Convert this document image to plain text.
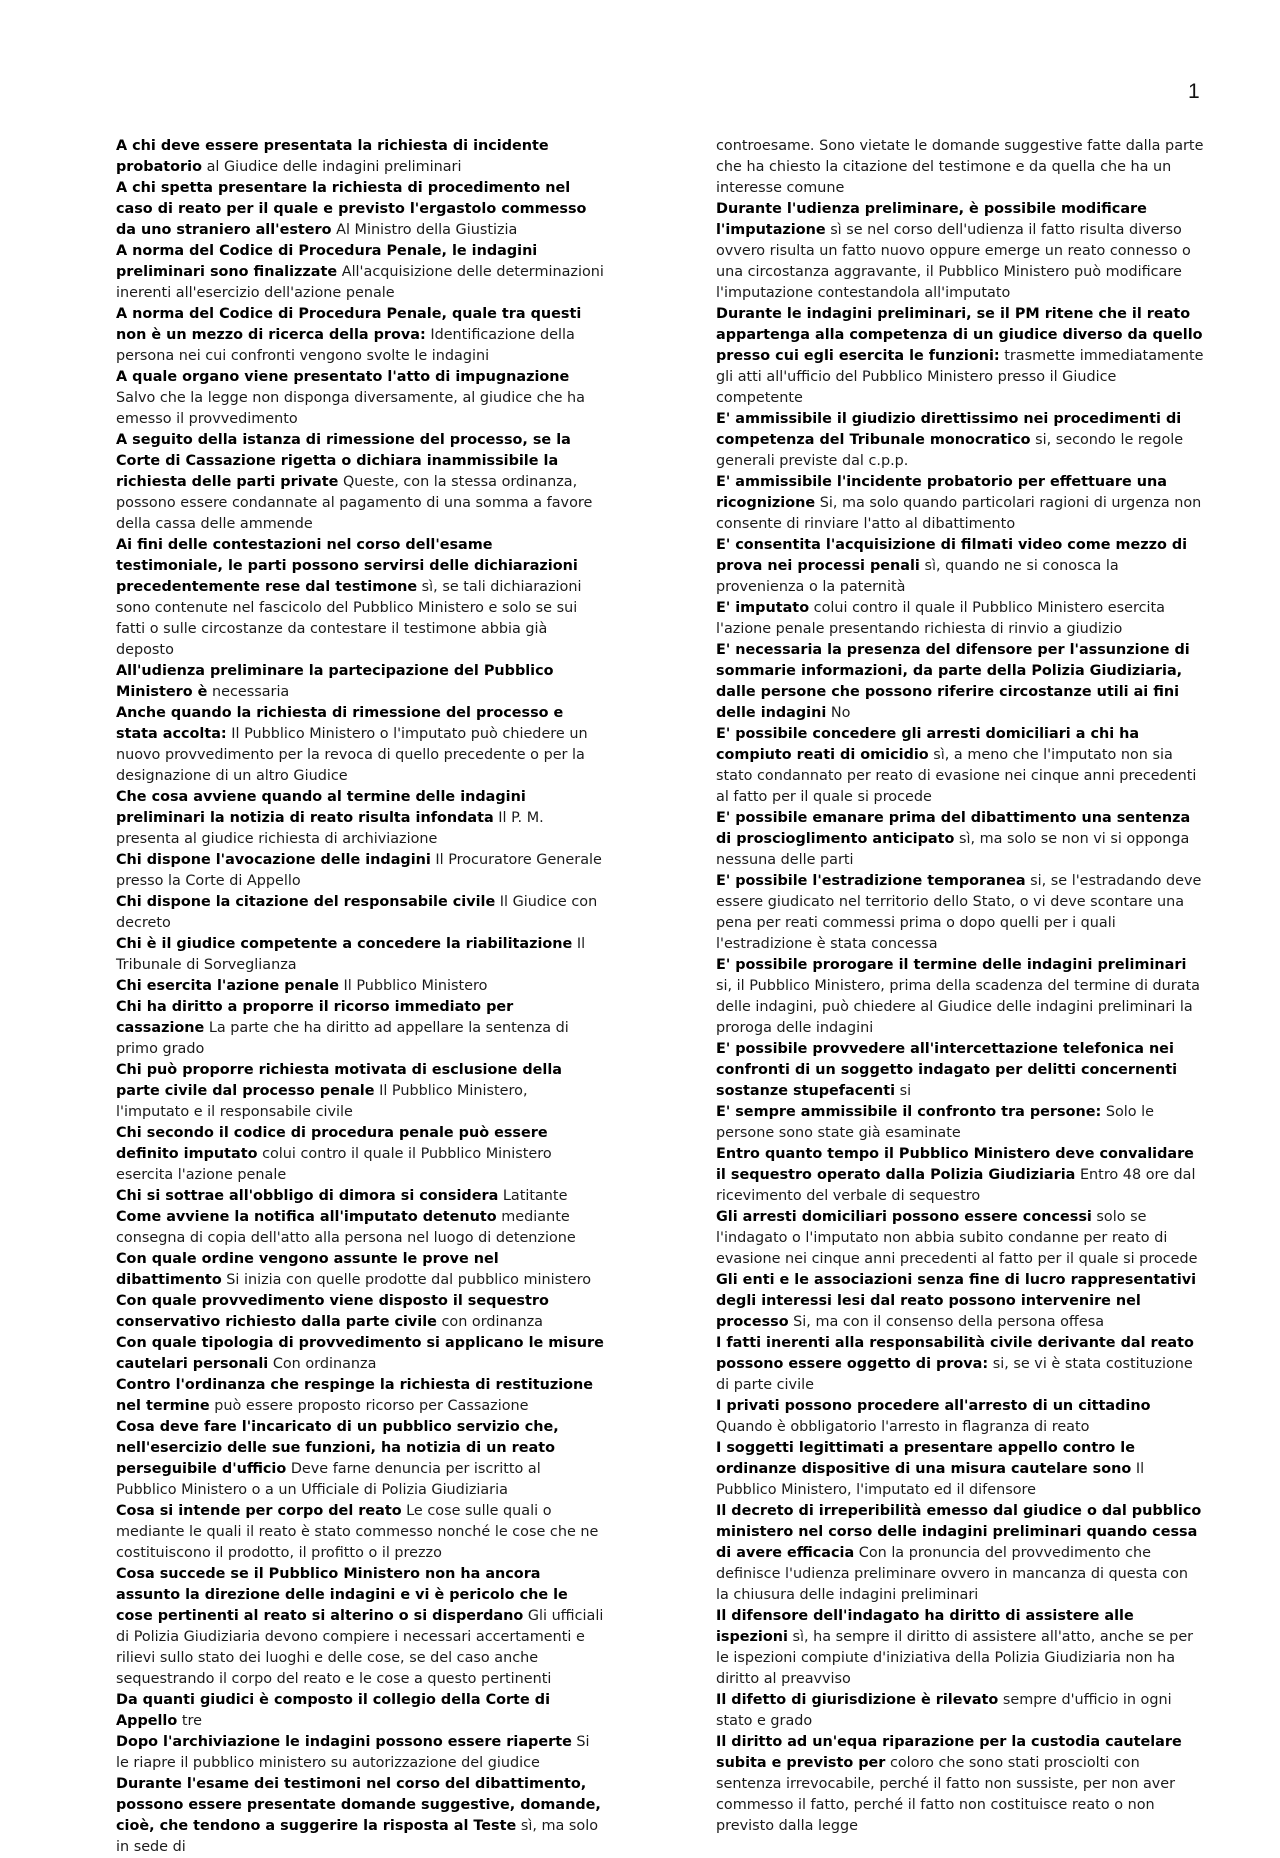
1

A chi deve essere presentata la richiesta di incidente probatorio al Giudice delle indagini preliminari

A chi spetta presentare la richiesta di procedimento nel caso di reato per il quale e previsto l'ergastolo commesso da uno straniero all'estero Al Ministro della Giustizia

A norma del Codice di Procedura Penale, le indagini preliminari sono finalizzate All'acquisizione delle determinazioni inerenti all'esercizio dell'azione penale

A norma del Codice di Procedura Penale, quale tra questi non è un mezzo di ricerca della prova: Identificazione della persona nei cui confronti vengono svolte le indagini

A quale organo viene presentato l'atto di impugnazione Salvo che la legge non disponga diversamente, al giudice che ha emesso il provvedimento

A seguito della istanza di rimessione del processo, se la Corte di Cassazione rigetta o dichiara inammissibile la richiesta delle parti private Queste, con la stessa ordinanza, possono essere condannate al pagamento di una somma a favore della cassa delle ammende

Ai fini delle contestazioni nel corso dell'esame testimoniale, le parti possono servirsi delle dichiarazioni precedentemente rese dal testimone sì, se tali dichiarazioni sono contenute nel fascicolo del Pubblico Ministero e solo se sui fatti o sulle circostanze da contestare il testimone abbia già deposto

All'udienza preliminare la partecipazione del Pubblico Ministero è necessaria

Anche quando la richiesta di rimessione del processo e stata accolta: Il Pubblico Ministero o l'imputato può chiedere un nuovo provvedimento per la revoca di quello precedente o per la designazione di un altro Giudice

Che cosa avviene quando al termine delle indagini preliminari la notizia di reato risulta infondata Il P. M. presenta al giudice richiesta di archiviazione

Chi dispone l'avocazione delle indagini Il Procuratore Generale presso la Corte di Appello

Chi dispone la citazione del responsabile civile Il Giudice con decreto

Chi è il giudice competente a concedere la riabilitazione Il Tribunale di Sorveglianza

Chi esercita l'azione penale Il Pubblico Ministero

Chi ha diritto a proporre il ricorso immediato per cassazione La parte che ha diritto ad appellare la sentenza di primo grado

Chi può proporre richiesta motivata di esclusione della parte civile dal processo penale Il Pubblico Ministero, l'imputato e il responsabile civile

Chi secondo il codice di procedura penale può essere definito imputato colui contro il quale il Pubblico Ministero esercita l'azione penale

Chi si sottrae all'obbligo di dimora si considera Latitante

Come avviene la notifica all'imputato detenuto mediante consegna di copia dell'atto alla persona nel luogo di detenzione

Con quale ordine vengono assunte le prove nel dibattimento Si inizia con quelle prodotte dal pubblico ministero

Con quale provvedimento viene disposto il sequestro conservativo richiesto dalla parte civile con ordinanza

Con quale tipologia di provvedimento si applicano le misure cautelari personali Con ordinanza

Contro l'ordinanza che respinge la richiesta di restituzione nel termine può essere proposto ricorso per Cassazione

Cosa deve fare l'incaricato di un pubblico servizio che, nell'esercizio delle sue funzioni, ha notizia di un reato perseguibile d'ufficio Deve farne denuncia per iscritto al Pubblico Ministero o a un Ufficiale di Polizia Giudiziaria

Cosa si intende per corpo del reato Le cose sulle quali o mediante le quali il reato è stato commesso nonché le cose che ne costituiscono il prodotto, il profitto o il prezzo

Cosa succede se il Pubblico Ministero non ha ancora assunto la direzione delle indagini e vi è pericolo che le cose pertinenti al reato si alterino o si disperdano Gli ufficiali di Polizia Giudiziaria devono compiere i necessari accertamenti e rilievi sullo stato dei luoghi e delle cose, se del caso anche sequestrando il corpo del reato e le cose a questo pertinenti

Da quanti giudici è composto il collegio della Corte di Appello tre

Dopo l'archiviazione le indagini possono essere riaperte Si le riapre il pubblico ministero su autorizzazione del giudice

Durante l'esame dei testimoni nel corso del dibattimento, possono essere presentate domande suggestive, domande, cioè, che tendono a suggerire la risposta al Teste sì, ma solo in sede di

controesame. Sono vietate le domande suggestive fatte dalla parte che ha chiesto la citazione del testimone e da quella che ha un interesse comune

Durante l'udienza preliminare, è possibile modificare l'imputazione sì se nel corso dell'udienza il fatto risulta diverso ovvero risulta un fatto nuovo oppure emerge un reato connesso o una circostanza aggravante, il Pubblico Ministero può modificare l'imputazione contestandola all'imputato

Durante le indagini preliminari, se il PM ritene che il reato appartenga alla competenza di un giudice diverso da quello presso cui egli esercita le funzioni: trasmette immediatamente gli atti all'ufficio del Pubblico Ministero presso il Giudice competente

E' ammissibile il giudizio direttissimo nei procedimenti di competenza del Tribunale monocratico si, secondo le regole generali previste dal c.p.p.

E' ammissibile l'incidente probatorio per effettuare una ricognizione Si, ma solo quando particolari ragioni di urgenza non consente di rinviare l'atto al dibattimento

E' consentita l'acquisizione di filmati video come mezzo di prova nei processi penali sì, quando ne si conosca la provenienza o la paternità

E' imputato colui contro il quale il Pubblico Ministero esercita l'azione penale presentando richiesta di rinvio a giudizio

E' necessaria la presenza del difensore per l'assunzione di sommarie informazioni, da parte della Polizia Giudiziaria, dalle persone che possono riferire circostanze utili ai fini delle indagini No

E' possibile concedere gli arresti domiciliari a chi ha compiuto reati di omicidio sì, a meno che l'imputato non sia stato condannato per reato di evasione nei cinque anni precedenti al fatto per il quale si procede

E' possibile emanare prima del dibattimento una sentenza di proscioglimento anticipato sì, ma solo se non vi si opponga nessuna delle parti

E' possibile l'estradizione temporanea si, se l'estradando deve essere giudicato nel territorio dello Stato, o vi deve scontare una pena per reati commessi prima o dopo quelli per i quali l'estradizione è stata concessa

E' possibile prorogare il termine delle indagini preliminari si, il Pubblico Ministero, prima della scadenza del termine di durata delle indagini, può chiedere al Giudice delle indagini preliminari la proroga delle indagini

E' possibile provvedere all'intercettazione telefonica nei confronti di un soggetto indagato per delitti concernenti sostanze stupefacenti si

E' sempre ammissibile il confronto tra persone: Solo le persone sono state già esaminate

Entro quanto tempo il Pubblico Ministero deve convalidare il sequestro operato dalla Polizia Giudiziaria Entro 48 ore dal ricevimento del verbale di sequestro

Gli arresti domiciliari possono essere concessi solo se l'indagato o l'imputato non abbia subito condanne per reato di evasione nei cinque anni precedenti al fatto per il quale si procede

Gli enti e le associazioni senza fine di lucro rappresentativi degli interessi lesi dal reato possono intervenire nel processo Si, ma con il consenso della persona offesa

I fatti inerenti alla responsabilità civile derivante dal reato possono essere oggetto di prova: si, se vi è stata costituzione di parte civile

I privati possono procedere all'arresto di un cittadino Quando è obbligatorio l'arresto in flagranza di reato

I soggetti legittimati a presentare appello contro le ordinanze dispositive di una misura cautelare sono Il Pubblico Ministero, l'imputato ed il difensore

Il decreto di irreperibilità emesso dal giudice o dal pubblico ministero nel corso delle indagini preliminari quando cessa di avere efficacia Con la pronuncia del provvedimento che definisce l'udienza preliminare ovvero in mancanza di questa con la chiusura delle indagini preliminari

Il difensore dell'indagato ha diritto di assistere alle ispezioni sì, ha sempre il diritto di assistere all'atto, anche se per le ispezioni compiute d'iniziativa della Polizia Giudiziaria non ha diritto al preavviso

Il difetto di giurisdizione è rilevato sempre d'ufficio in ogni stato e grado

Il diritto ad un'equa riparazione per la custodia cautelare subita e previsto per coloro che sono stati prosciolti con sentenza irrevocabile, perché il fatto non sussiste, per non aver commesso il fatto, perché il fatto non costituisce reato o non previsto dalla legge
